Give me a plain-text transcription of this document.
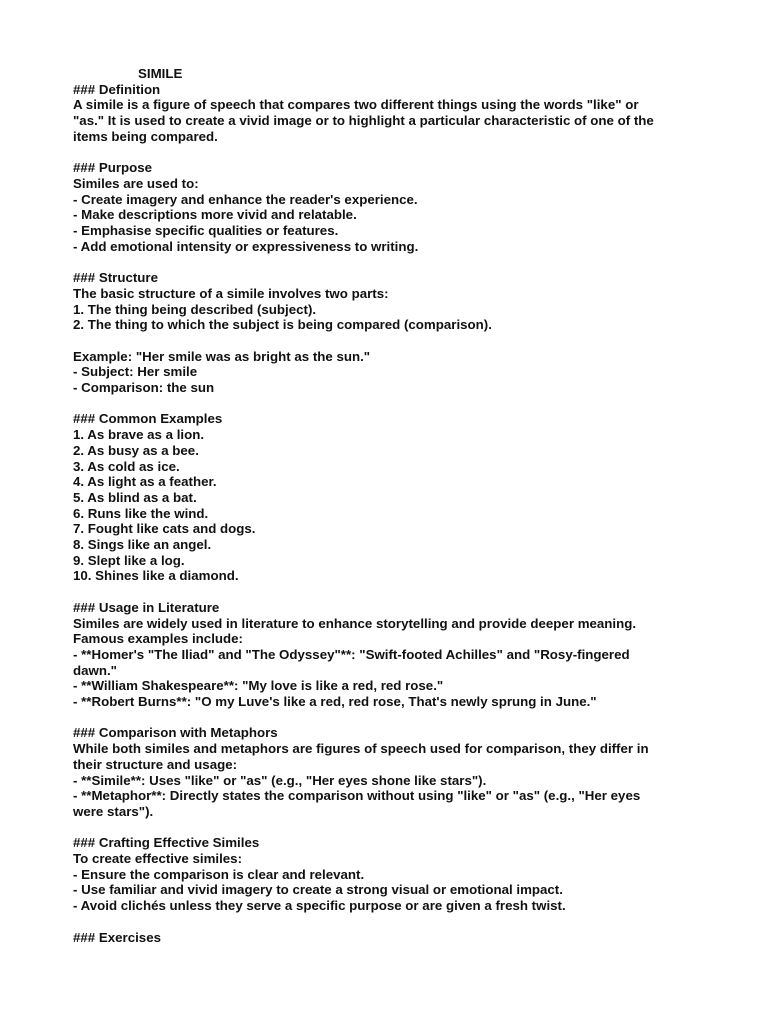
SIMILE

### Definition

A simile is a figure of speech that compares two different things using the words "like" or

"as." It is used to create a vivid image or to highlight a particular characteristic of one of the

items being compared.

### Purpose

Similes are used to:

- Create imagery and enhance the reader's experience.

- Make descriptions more vivid and relatable.

- Emphasise specific qualities or features.

- Add emotional intensity or expressiveness to writing.

### Structure

The basic structure of a simile involves two parts:

1. The thing being described (subject).

2. The thing to which the subject is being compared (comparison).

Example: "Her smile was as bright as the sun."

- Subject: Her smile

- Comparison: the sun

### Common Examples

1. As brave as a lion.

2. As busy as a bee.

3. As cold as ice.

4. As light as a feather.

5. As blind as a bat.

6. Runs like the wind.

7. Fought like cats and dogs.

8. Sings like an angel.

9. Slept like a log.

10. Shines like a diamond.

### Usage in Literature

Similes are widely used in literature to enhance storytelling and provide deeper meaning.

Famous examples include:

- **Homer's "The Iliad" and "The Odyssey"**: "Swift-footed Achilles" and "Rosy-fingered

dawn."

- **William Shakespeare**: "My love is like a red, red rose."

- **Robert Burns**: "O my Luve's like a red, red rose, That's newly sprung in June."

### Comparison with Metaphors

While both similes and metaphors are figures of speech used for comparison, they differ in

their structure and usage:

- **Simile**: Uses "like" or "as" (e.g., "Her eyes shone like stars").

- **Metaphor**: Directly states the comparison without using "like" or "as" (e.g., "Her eyes

were stars").

### Crafting Effective Similes

To create effective similes:

- Ensure the comparison is clear and relevant.

- Use familiar and vivid imagery to create a strong visual or emotional impact.

- Avoid clichés unless they serve a specific purpose or are given a fresh twist.

### Exercises
